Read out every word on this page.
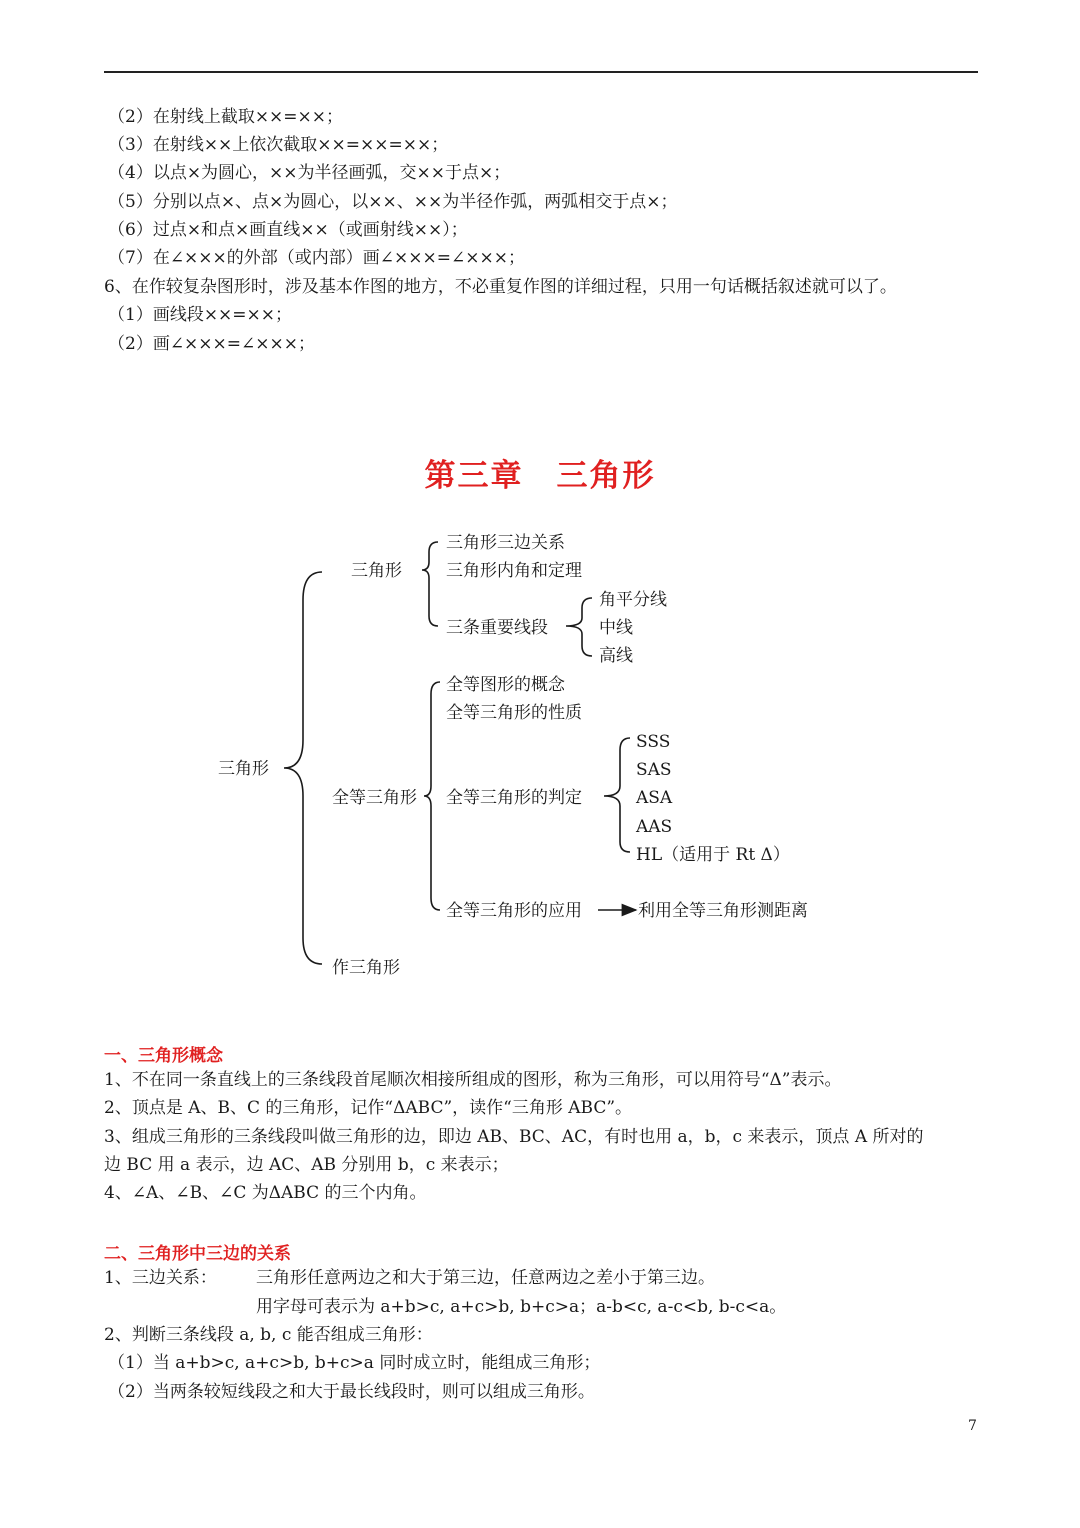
（2）在射线上截取××=××；
（3）在射线××上依次截取××=××=××；
（4）以点×为圆心，××为半径画弧，交××于点×；
（5）分别以点×、点×为圆心，以××、××为半径作弧，两弧相交于点×；
（6）过点×和点×画直线××（或画射线××）；
（7）在∠×××的外部（或内部）画∠×××=∠×××；
6、在作较复杂图形时，涉及基本作图的地方，不必重复作图的详细过程，只用一句话概括叙述就可以了。
（1）画线段××=××；
（2）画∠×××=∠×××；
第三章　三角形
三角形
三角形
三角形三边关系
三角形内角和定理
三条重要线段
角平分线
中线
高线
全等三角形
全等图形的概念
全等三角形的性质
全等三角形的判定
全等三角形的应用
SSS
SAS
ASA
AAS
HL（适用于 Rt Δ）
利用全等三角形测距离
作三角形
一、三角形概念
1、不在同一条直线上的三条线段首尾顺次相接所组成的图形，称为三角形，可以用符号“Δ”表示。
2、顶点是 A、B、C 的三角形，记作“ΔABC”，读作“三角形 ABC”。
3、组成三角形的三条线段叫做三角形的边，即边 AB、BC、AC，有时也用 a，b，c 来表示，顶点 A 所对的
边 BC 用 a 表示，边 AC、AB 分别用 b，c 来表示；
4、∠A、∠B、∠C 为ΔABC 的三个内角。
二、三角形中三边的关系
1、三边关系： 三角形任意两边之和大于第三边，任意两边之差小于第三边。
用字母可表示为 a+b>c, a+c>b, b+c>a；a-b<c, a-c<b, b-c<a。
2、判断三条线段 a, b, c 能否组成三角形：
（1）当 a+b>c, a+c>b, b+c>a 同时成立时，能组成三角形；
（2）当两条较短线段之和大于最长线段时，则可以组成三角形。
7
